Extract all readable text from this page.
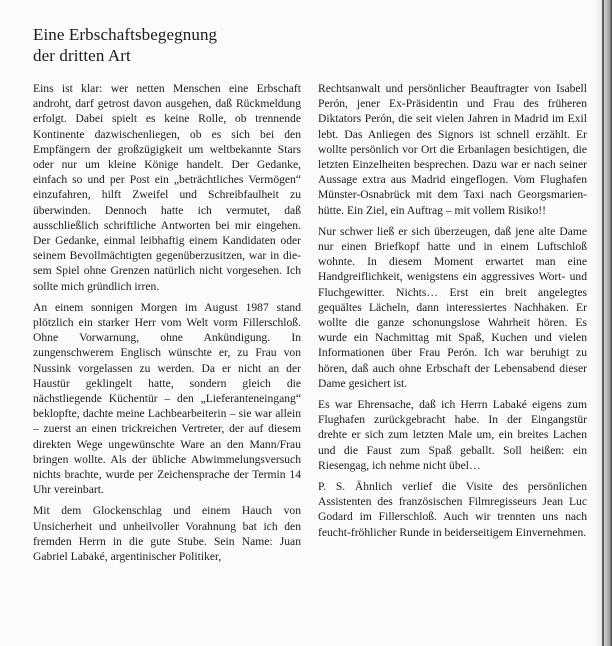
Eine Erbschaftsbegegnung
der dritten Art

Eins ist klar: wer netten Menschen eine Erbschaft androht, darf getrost davon ausgehen, daß Rückmeldung erfolgt. Dabei spielt es keine Rolle, ob trennende Kontinente dazwischenliegen, ob es sich bei den Empfängern der großzügigkeit um weltbekannte Stars oder nur um kleine Könige handelt. Der Gedanke, einfach so und per Post ein „beträchtliches Vermögen“ einzufahren, hilft Zweifel und Schreibfaulheit zu überwinden. Dennoch hatte ich vermutet, daß ausschließlich schriftliche Antworten bei mir eingehen. Der Gedanke, einmal leibhaftig einem Kandidaten oder seinem Bevollmächtigten gegenüberzusitzen, war in diesem Spiel ohne Grenzen natürlich nicht vorgesehen. Ich sollte mich gründlich irren.

An einem sonnigen Morgen im August 1987 stand plötzlich ein starker Herr vom Welt vorm Fillerschloß. Ohne Vorwarnung, ohne Ankündigung. In zungenschwerem Englisch wünschte er, zu Frau von Nussink vorgelassen zu werden. Da er nicht an der Haustür geklingelt hatte, sondern gleich die nächstliegende Küchentür – den „Lieferanteneingang“ beklopfte, dachte meine Lachbearbeiterin – sie war allein – zuerst an einen trickreichen Vertreter, der auf diesem direkten Wege ungewünschte Ware an den Mann/Frau bringen wollte. Als der übliche Abwimmelungsversuch nichts brachte, wurde per Zeichensprache der Termin 14 Uhr vereinbart.

Mit dem Glockenschlag und einem Hauch von Unsicherheit und unheilvoller Vorahnung bat ich den fremden Herrn in die gute Stube. Sein Name: Juan Gabriel Labaké, argentinischer Politiker,

Rechtsanwalt und persönlicher Beauftragter von Isabell Perón, jener Ex-Präsidentin und Frau des früheren Diktators Perón, die seit vielen Jahren in Madrid im Exil lebt. Das Anliegen des Signors ist schnell erzählt. Er wollte persönlich vor Ort die Erbanlagen besichtigen, die letzten Einzelheiten besprechen. Dazu war er nach seiner Aussage extra aus Madrid eingeflogen. Vom Flughafen Münster-Osnabrück mit dem Taxi nach Georgsmarienhütte. Ein Ziel, ein Auftrag – mit vollem Risiko!!

Nur schwer ließ er sich überzeugen, daß jene alte Dame nur einen Briefkopf hatte und in einem Luftschloß wohnte. In diesem Moment erwartet man eine Handgreiflichkeit, wenigstens ein aggressives Wort- und Fluchgewitter. Nichts… Erst ein breit angelegtes gequältes Lächeln, dann interessiertes Nachhaken. Er wollte die ganze schonungslose Wahrheit hören. Es wurde ein Nachmittag mit Spaß, Kuchen und vielen Informationen über Frau Perón. Ich war beruhigt zu hören, daß auch ohne Erbschaft der Lebensabend dieser Dame gesichert ist.

Es war Ehrensache, daß ich Herrn Labaké eigens zum Flughafen zurückgebracht habe. In der Eingangstür drehte er sich zum letzten Male um, ein breites Lachen und die Faust zum Spaß geballt. Soll heißen: ein Riesengag, ich nehme nicht übel…

P. S. Ähnlich verlief die Visite des persönlichen Assistenten des französischen Filmregisseurs Jean Luc Godard im Fillerschloß. Auch wir trennten uns nach feucht-fröhlicher Runde in beiderseitigem Einvernehmen.
